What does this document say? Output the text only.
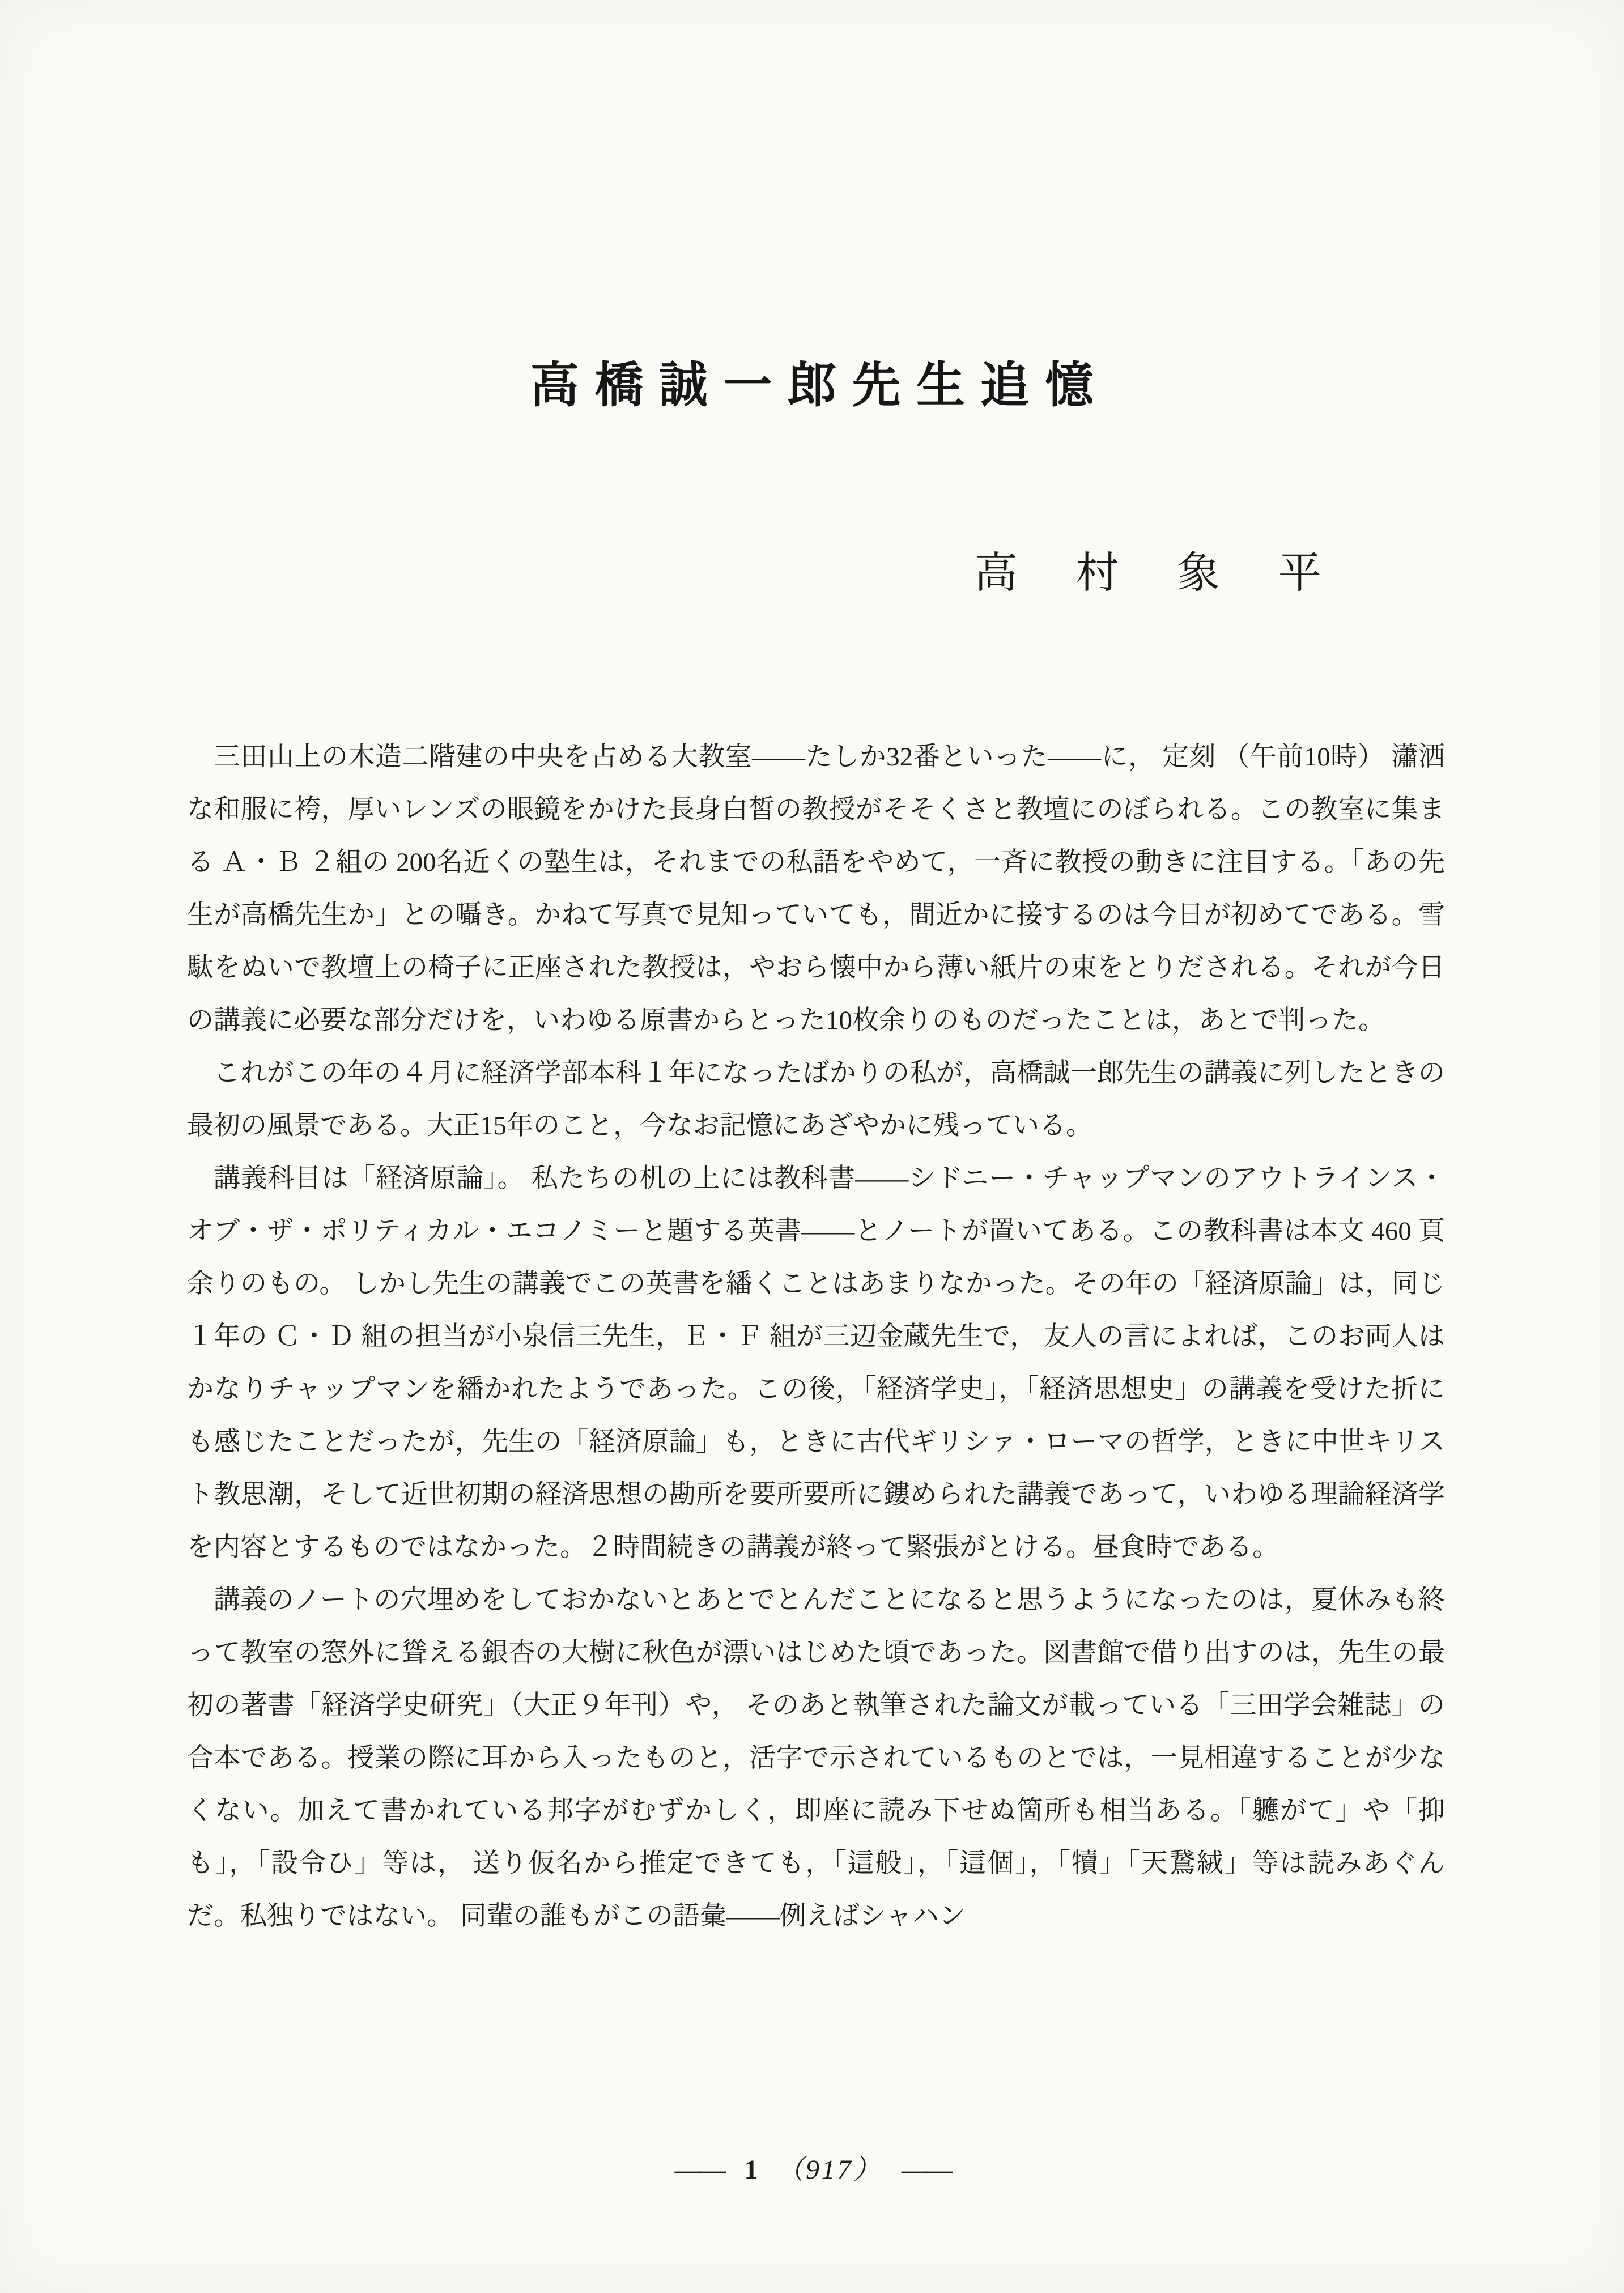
高橋誠一郎先生追憶
高 村 象 平

三田山上の木造二階建の中央を占める大教室——たしか32番といった——に， 定刻 （午前10時） 瀟洒な和服に袴，厚いレンズの眼鏡をかけた長身白皙の教授がそそくさと教壇にのぼられる。この教室に集まる Ａ・Ｂ ２組の 200名近くの塾生は，それまでの私語をやめて，一斉に教授の動きに注目する。「あの先生が高橋先生か」との囁き。かねて写真で見知っていても，間近かに接するのは今日が初めてである。雪駄をぬいで教壇上の椅子に正座された教授は，やおら懐中から薄い紙片の束をとりだされる。それが今日の講義に必要な部分だけを，いわゆる原書からとった10枚余りのものだったことは，あとで判った。

これがこの年の４月に経済学部本科１年になったばかりの私が，高橋誠一郎先生の講義に列したときの最初の風景である。大正15年のこと，今なお記憶にあざやかに残っている。

講義科目は「経済原論」。 私たちの机の上には教科書——シドニー・チャップマンのアウトラインス・オブ・ザ・ポリティカル・エコノミーと題する英書——とノートが置いてある。この教科書は本文 460 頁余りのもの。 しかし先生の講義でこの英書を繙くことはあまりなかった。その年の「経済原論」は，同じ１年の Ｃ・Ｄ 組の担当が小泉信三先生，Ｅ・Ｆ 組が三辺金蔵先生で， 友人の言によれば，このお両人はかなりチャップマンを繙かれたようであった。この後，「経済学史」，「経済思想史」の講義を受けた折にも感じたことだったが，先生の「経済原論」も，ときに古代ギリシァ・ローマの哲学，ときに中世キリスト教思潮，そして近世初期の経済思想の勘所を要所要所に鏤められた講義であって，いわゆる理論経済学を内容とするものではなかった。２時間続きの講義が終って緊張がとける。昼食時である。

講義のノートの穴埋めをしておかないとあとでとんだことになると思うようになったのは，夏休みも終って教室の窓外に聳える銀杏の大樹に秋色が漂いはじめた頃であった。図書館で借り出すのは，先生の最初の著書「経済学史研究」（大正９年刊）や， そのあと執筆された論文が載っている「三田学会雑誌」の合本である。授業の際に耳から入ったものと，活字で示されているものとでは，一見相違することが少なくない。加えて書かれている邦字がむずかしく，即座に読み下せぬ箇所も相当ある。「軈がて」や「抑も」，「設令ひ」等は， 送り仮名から推定できても，「這般」，「這個」，「犢」「天鵞絨」等は読みあぐんだ。私独りではない。 同輩の誰もがこの語彙——例えばシャハン

—— 1 （917） ——
